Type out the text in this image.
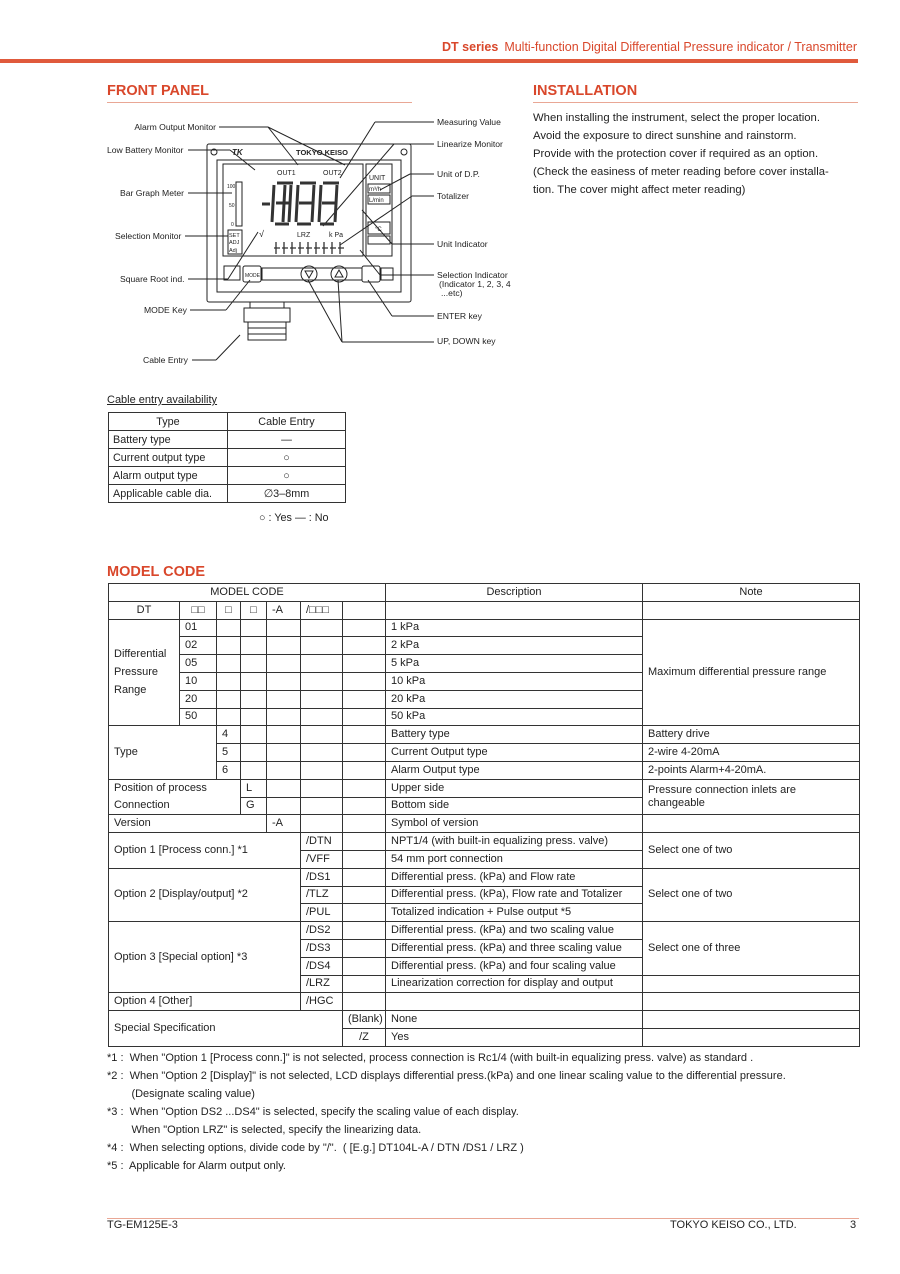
DT series Multi-function Digital Differential Pressure indicator / Transmitter
FRONT PANEL
TK	TOKYO KEISO
OUT1	OUT2
UNIT
m³/h
L/min
°C
100
50
0
SET
ADJ
Adj
LRZ	k Pa
MODE
√
Alarm Output Monitor
Low Battery Monitor
Bar Graph Meter
Selection Monitor
Square Root ind.
MODE Key
Cable Entry
Measuring Value
Linearize Monitor
Unit of D.P.
Totalizer
Unit Indicator
Selection Indicator
(Indicator 1, 2, 3, 4
...etc)
ENTER key
UP, DOWN key
INSTALLATION
When installing the instrument, select the proper location.
Avoid the exposure to direct sunshine and rainstorm.
Provide with the protection cover if required as an option.
(Check the easiness of meter reading before cover installa-
tion. The cover might affect meter reading)
Cable entry availability
Type	Cable Entry
Battery type	—
Current output type	○
Alarm output type	○
Applicable cable dia.	∅3–8mm
○ : Yes — : No
MODEL CODE
MODEL CODE							Description	Note
DT	□□	□	□	-A	/□□□			
Differential
Pressure
Range	01						1 kPa	Maximum differential pressure range
	02						2 kPa	
	05						5 kPa	
	10						10 kPa	
	20						20 kPa	
	50						50 kPa	
Type		4					Battery type	Battery drive
		5					Current Output type	2-wire 4-20mA
		6					Alarm Output type	2-points Alarm+4-20mA.
Position of process			L				Upper side	Pressure connection inlets are changeable
Connection			G				Bottom side	
Version				-A			Symbol of version	
Option 1 [Process conn.] *1					/DTN		NPT1/4 (with built-in equalizing press. valve)	Select one of two
					/VFF		54 mm port connection	
Option 2 [Display/output] *2					/DS1		Differential press. (kPa) and Flow rate	Select one of two
					/TLZ		Differential press. (kPa), Flow rate and Totalizer	
					/PUL		Totalized indication + Pulse output *5	
Option 3 [Special option] *3					/DS2		Differential press. (kPa) and two scaling value	Select one of three
					/DS3		Differential press. (kPa) and three scaling value	
					/DS4		Differential press. (kPa) and four scaling value	
					/LRZ		Linearization correction for display and output	
Option 4 [Other]					/HGC			
Special Specification						(Blank)	None	
						/Z	Yes	
*1 :  When "Option 1 [Process conn.]" is not selected, process connection is Rc1/4 (with built-in equalizing press. valve) as standard .
*2 :  When "Option 2 [Display]" is not selected, LCD displays differential press.(kPa) and one linear scaling value to the differential pressure.
(Designate scaling value)
*3 :  When "Option DS2 ...DS4" is selected, specify the scaling value of each display.
When "Option LRZ" is selected, specify the linearizing data.
*4 :  When selecting options, divide code by "/".  ( [E.g.] DT104L-A / DTN /DS1 / LRZ )
*5 :  Applicable for Alarm output only.
TG-EM125E-3	TOKYO KEISO CO., LTD.	3
